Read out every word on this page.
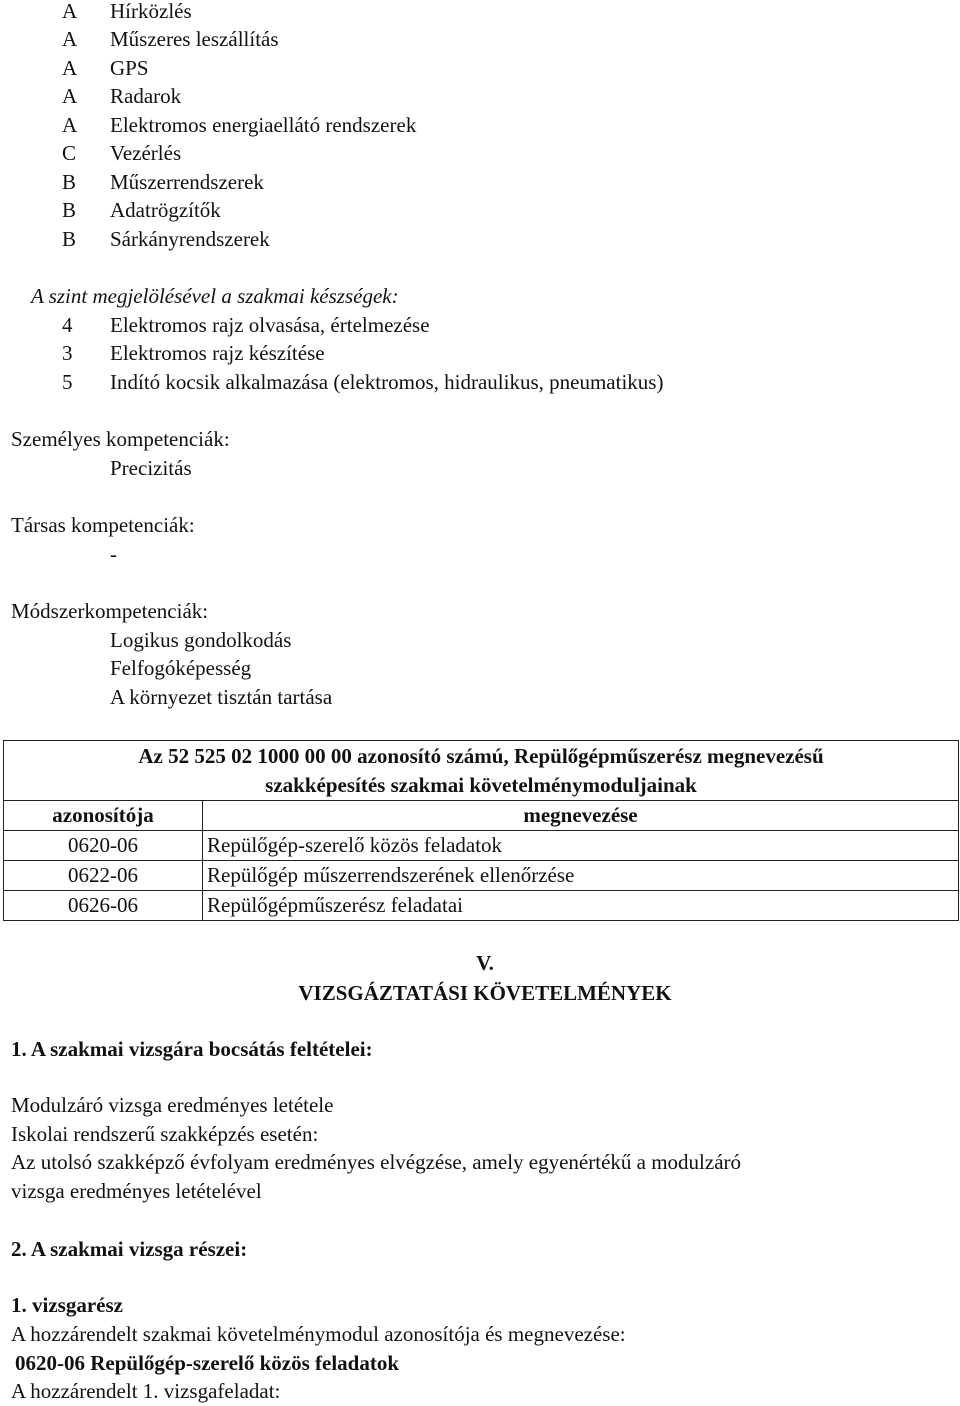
A Hírközlés
A Műszeres leszállítás
A GPS
A Radarok
A Elektromos energiaellátó rendszerek
C Vezérlés
B Műszerrendszerek
B Adatrögzítők
B Sárkányrendszerek
A szint megjelölésével a szakmai készségek:
4	Elektromos rajz olvasása, értelmezése
3	Elektromos rajz készítése
5	Indító kocsik alkalmazása (elektromos, hidraulikus, pneumatikus)
Személyes kompetenciák:
Precizitás
Társas kompetenciák:
-
Módszerkompetenciák:
Logikus gondolkodás
Felfogóképesség
A környezet tisztán tartása
Az 52 525 02 1000 00 00 azonosító számú, Repülőgépműszerész megnevezésű
szakképesítés szakmai követelménymoduljainak	

azonosítója	megnevezése
0620-06	Repülőgép-szerelő közös feladatok
0622-06	Repülőgép műszerrendszerének ellenőrzése
0626-06	Repülőgépműszerész feladatai
V.
VIZSGÁZTATÁSI KÖVETELMÉNYEK
1. A szakmai vizsgára bocsátás feltételei:
Modulzáró vizsga eredményes letétele
Iskolai rendszerű szakképzés esetén:
Az utolsó szakképző évfolyam eredményes elvégzése, amely egyenértékű a modulzáró
vizsga eredményes letételével
2. A szakmai vizsga részei:
1. vizsgarész
A hozzárendelt szakmai követelménymodul azonosítója és megnevezése:
0620-06 Repülőgép-szerelő közös feladatok
A hozzárendelt 1. vizsgafeladat:
